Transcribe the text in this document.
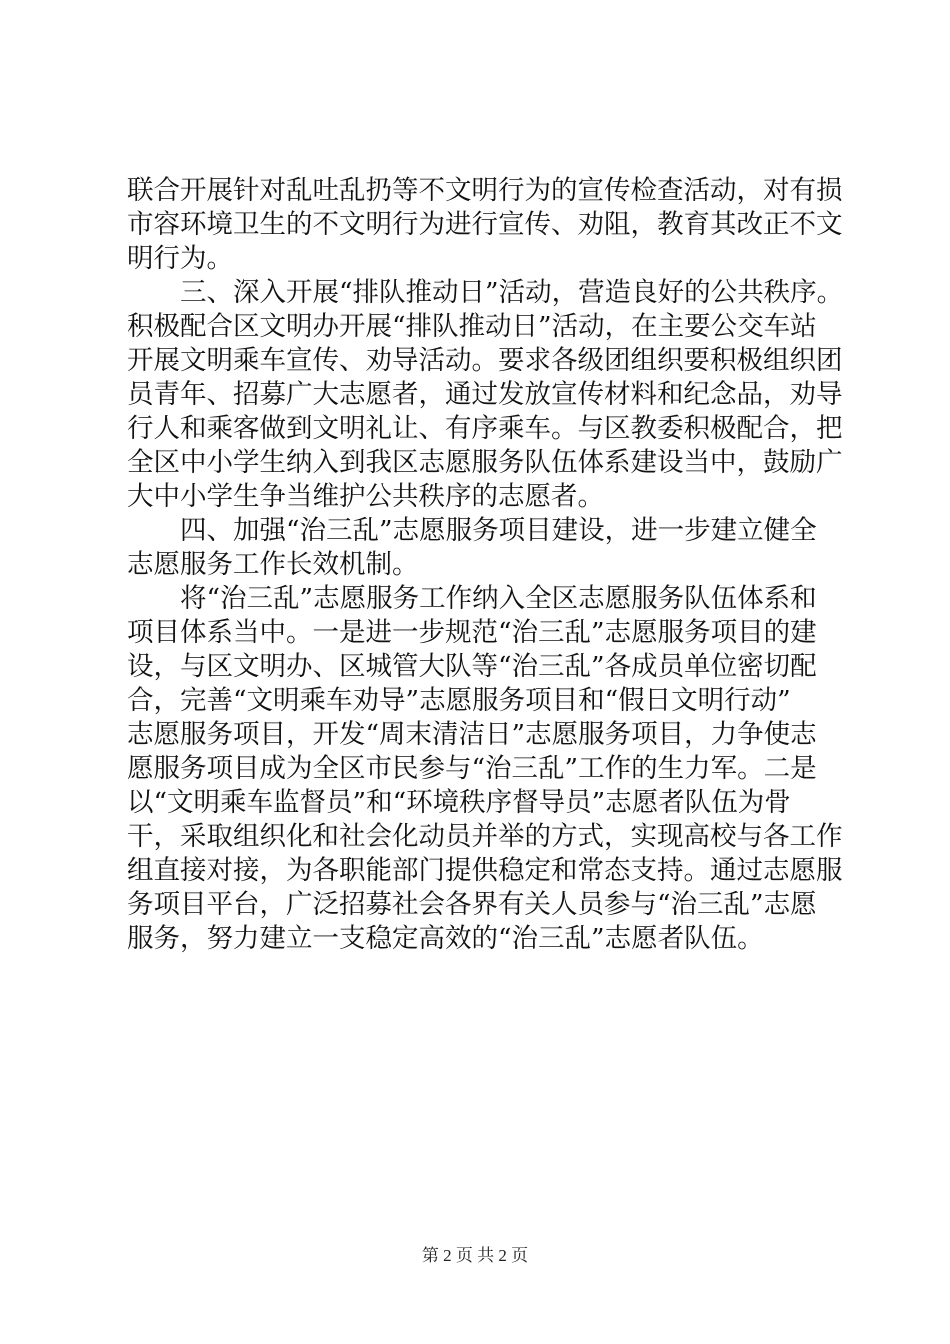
联合开展针对乱吐乱扔等不文明行为的宣传检查活动，对有损
市容环境卫生的不文明行为进行宣传、劝阻，教育其改正不文
明行为。
　　三、深入开展“排队推动日”活动，营造良好的公共秩序。
积极配合区文明办开展“排队推动日”活动，在主要公交车站
开展文明乘车宣传、劝导活动。要求各级团组织要积极组织团
员青年、招募广大志愿者，通过发放宣传材料和纪念品，劝导
行人和乘客做到文明礼让、有序乘车。与区教委积极配合，把
全区中小学生纳入到我区志愿服务队伍体系建设当中，鼓励广
大中小学生争当维护公共秩序的志愿者。
　　四、加强“治三乱”志愿服务项目建设，进一步建立健全
志愿服务工作长效机制。
　　将“治三乱”志愿服务工作纳入全区志愿服务队伍体系和
项目体系当中。一是进一步规范“治三乱”志愿服务项目的建
设，与区文明办、区城管大队等“治三乱”各成员单位密切配
合，完善“文明乘车劝导”志愿服务项目和“假日文明行动”
志愿服务项目，开发“周末清洁日”志愿服务项目，力争使志
愿服务项目成为全区市民参与“治三乱”工作的生力军。二是
以“文明乘车监督员”和“环境秩序督导员”志愿者队伍为骨
干，采取组织化和社会化动员并举的方式，实现高校与各工作
组直接对接，为各职能部门提供稳定和常态支持。通过志愿服
务项目平台，广泛招募社会各界有关人员参与“治三乱”志愿
服务，努力建立一支稳定高效的“治三乱”志愿者队伍。
第 2 页 共 2 页
